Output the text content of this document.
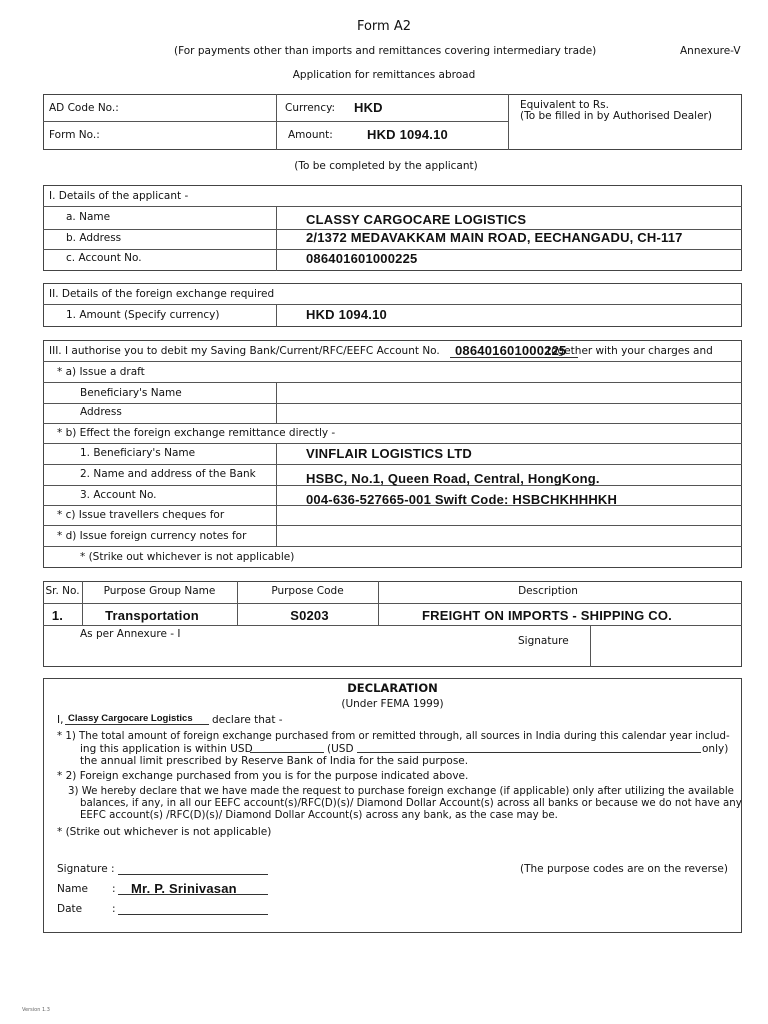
Form A2
(For payments other than imports and remittances covering intermediary trade)	Annexure-V
Application for remittances abroad
AD Code No.:
Form No.:
Currency: HKD
Amount:	HKD 1094.10
Equivalent to Rs.
(To be filled in by Authorised Dealer)
(To be completed by the applicant)
I. Details of the applicant -
a. Name	CLASSY CARGOCARE LOGISTICS
b. Address	2/1372 MEDAVAKKAM MAIN ROAD, EECHANGADU, CH-117
c. Account No.	086401601000225
II. Details of the foreign exchange required
1. Amount (Specify currency)	HKD 1094.10
III. I authorise you to debit my Saving Bank/Current/RFC/EEFC Account No. 086401601000225
together with your charges and
* a) Issue a draft
Beneficiary's Name
Address
* b) Effect the foreign exchange remittance directly -
1. Beneficiary's Name	VINFLAIR LOGISTICS LTD
2. Name and address of the Bank	HSBC, No.1, Queen Road, Central, HongKong.
3. Account No.	004-636-527665-001 Swift Code: HSBCHKHHHKH
* c) Issue travellers cheques for
* d) Issue foreign currency notes for
* (Strike out whichever is not applicable)
Sr. No.	Purpose Group Name	Purpose Code	Description
1.	Transportation	S0203	FREIGHT ON IMPORTS - SHIPPING CO.
As per Annexure - I
Signature
DECLARATION
(Under FEMA 1999)
I, Classy Cargocare Logistics declare that -
* 1) The total amount of foreign exchange purchased from or remitted through, all sources in India during this calendar year includ-
ing this application is within USD	(USD	only)
the annual limit prescribed by Reserve Bank of India for the said purpose.
* 2) Foreign exchange purchased from you is for the purpose indicated above.
3) We hereby declare that we have made the request to purchase foreign exchange (if applicable) only after utilizing the available
balances, if any, in all our EEFC account(s)/RFC(D)(s)/ Diamond Dollar Account(s) across all banks or because we do not have any
EEFC account(s) /RFC(D)(s)/ Diamond Dollar Account(s) across any bank, as the case may be.
* (Strike out whichever is not applicable)
Signature :	(The purpose codes are on the reverse)
Name : Mr. P. Srinivasan
Date	:
Version 1.3
